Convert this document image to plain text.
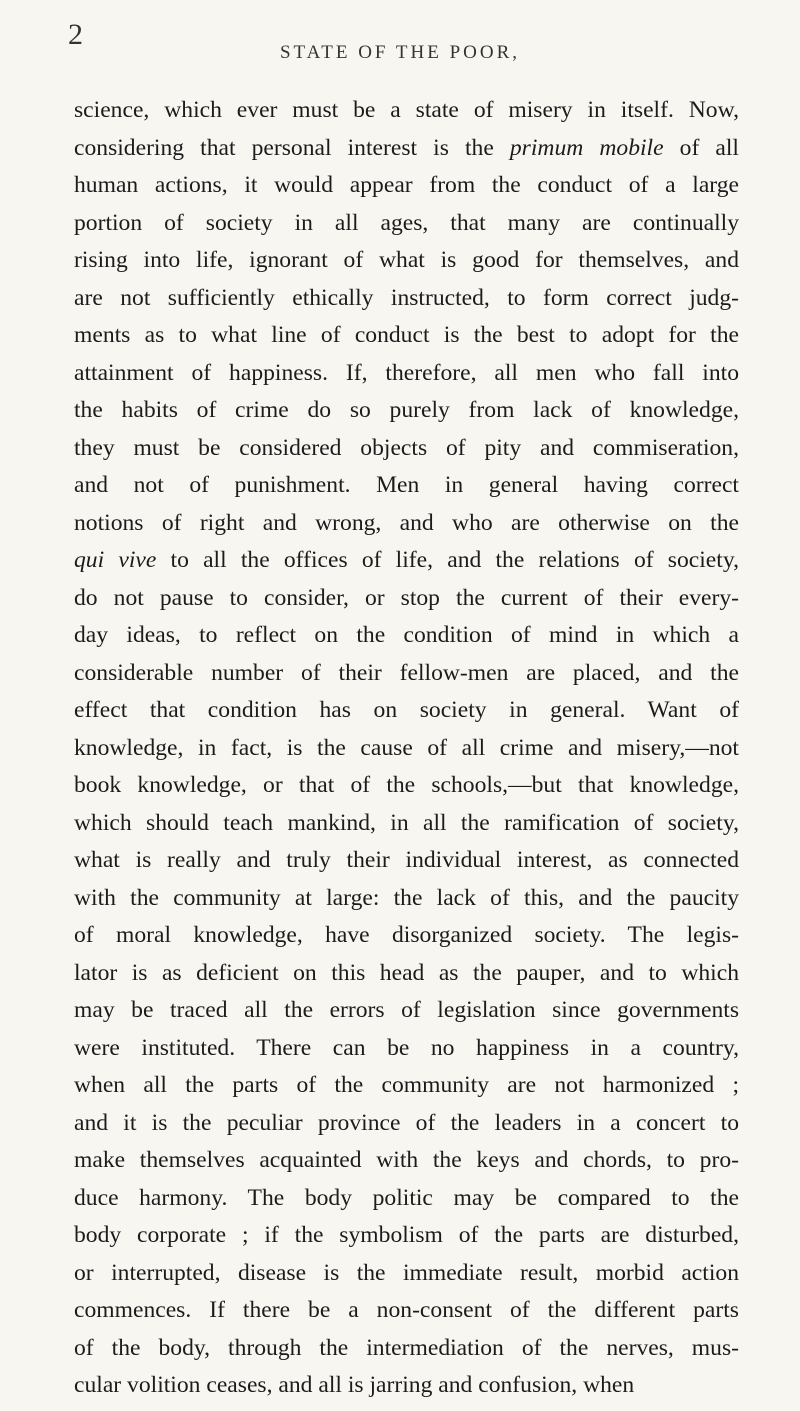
2
STATE OF THE POOR,
science, which ever must be a state of misery in itself. Now,
considering that personal interest is the primum mobile of all
human actions, it would appear from the conduct of a large
portion of society in all ages, that many are continually
rising into life, ignorant of what is good for themselves, and
are not sufficiently ethically instructed, to form correct judg-
ments as to what line of conduct is the best to adopt for the
attainment of happiness. If, therefore, all men who fall into
the habits of crime do so purely from lack of knowledge,
they must be considered objects of pity and commiseration,
and not of punishment. Men in general having correct
notions of right and wrong, and who are otherwise on the
qui vive to all the offices of life, and the relations of society,
do not pause to consider, or stop the current of their every-
day ideas, to reflect on the condition of mind in which a
considerable number of their fellow-men are placed, and the
effect that condition has on society in general. Want of
knowledge, in fact, is the cause of all crime and misery,—not
book knowledge, or that of the schools,—but that knowledge,
which should teach mankind, in all the ramification of society,
what is really and truly their individual interest, as connected
with the community at large: the lack of this, and the paucity
of moral knowledge, have disorganized society. The legis-
lator is as deficient on this head as the pauper, and to which
may be traced all the errors of legislation since governments
were instituted. There can be no happiness in a country,
when all the parts of the community are not harmonized ;
and it is the peculiar province of the leaders in a concert to
make themselves acquainted with the keys and chords, to pro-
duce harmony. The body politic may be compared to the
body corporate ; if the symbolism of the parts are disturbed,
or interrupted, disease is the immediate result, morbid action
commences. If there be a non-consent of the different parts
of the body, through the intermediation of the nerves, mus-
cular volition ceases, and all is jarring and confusion, when
